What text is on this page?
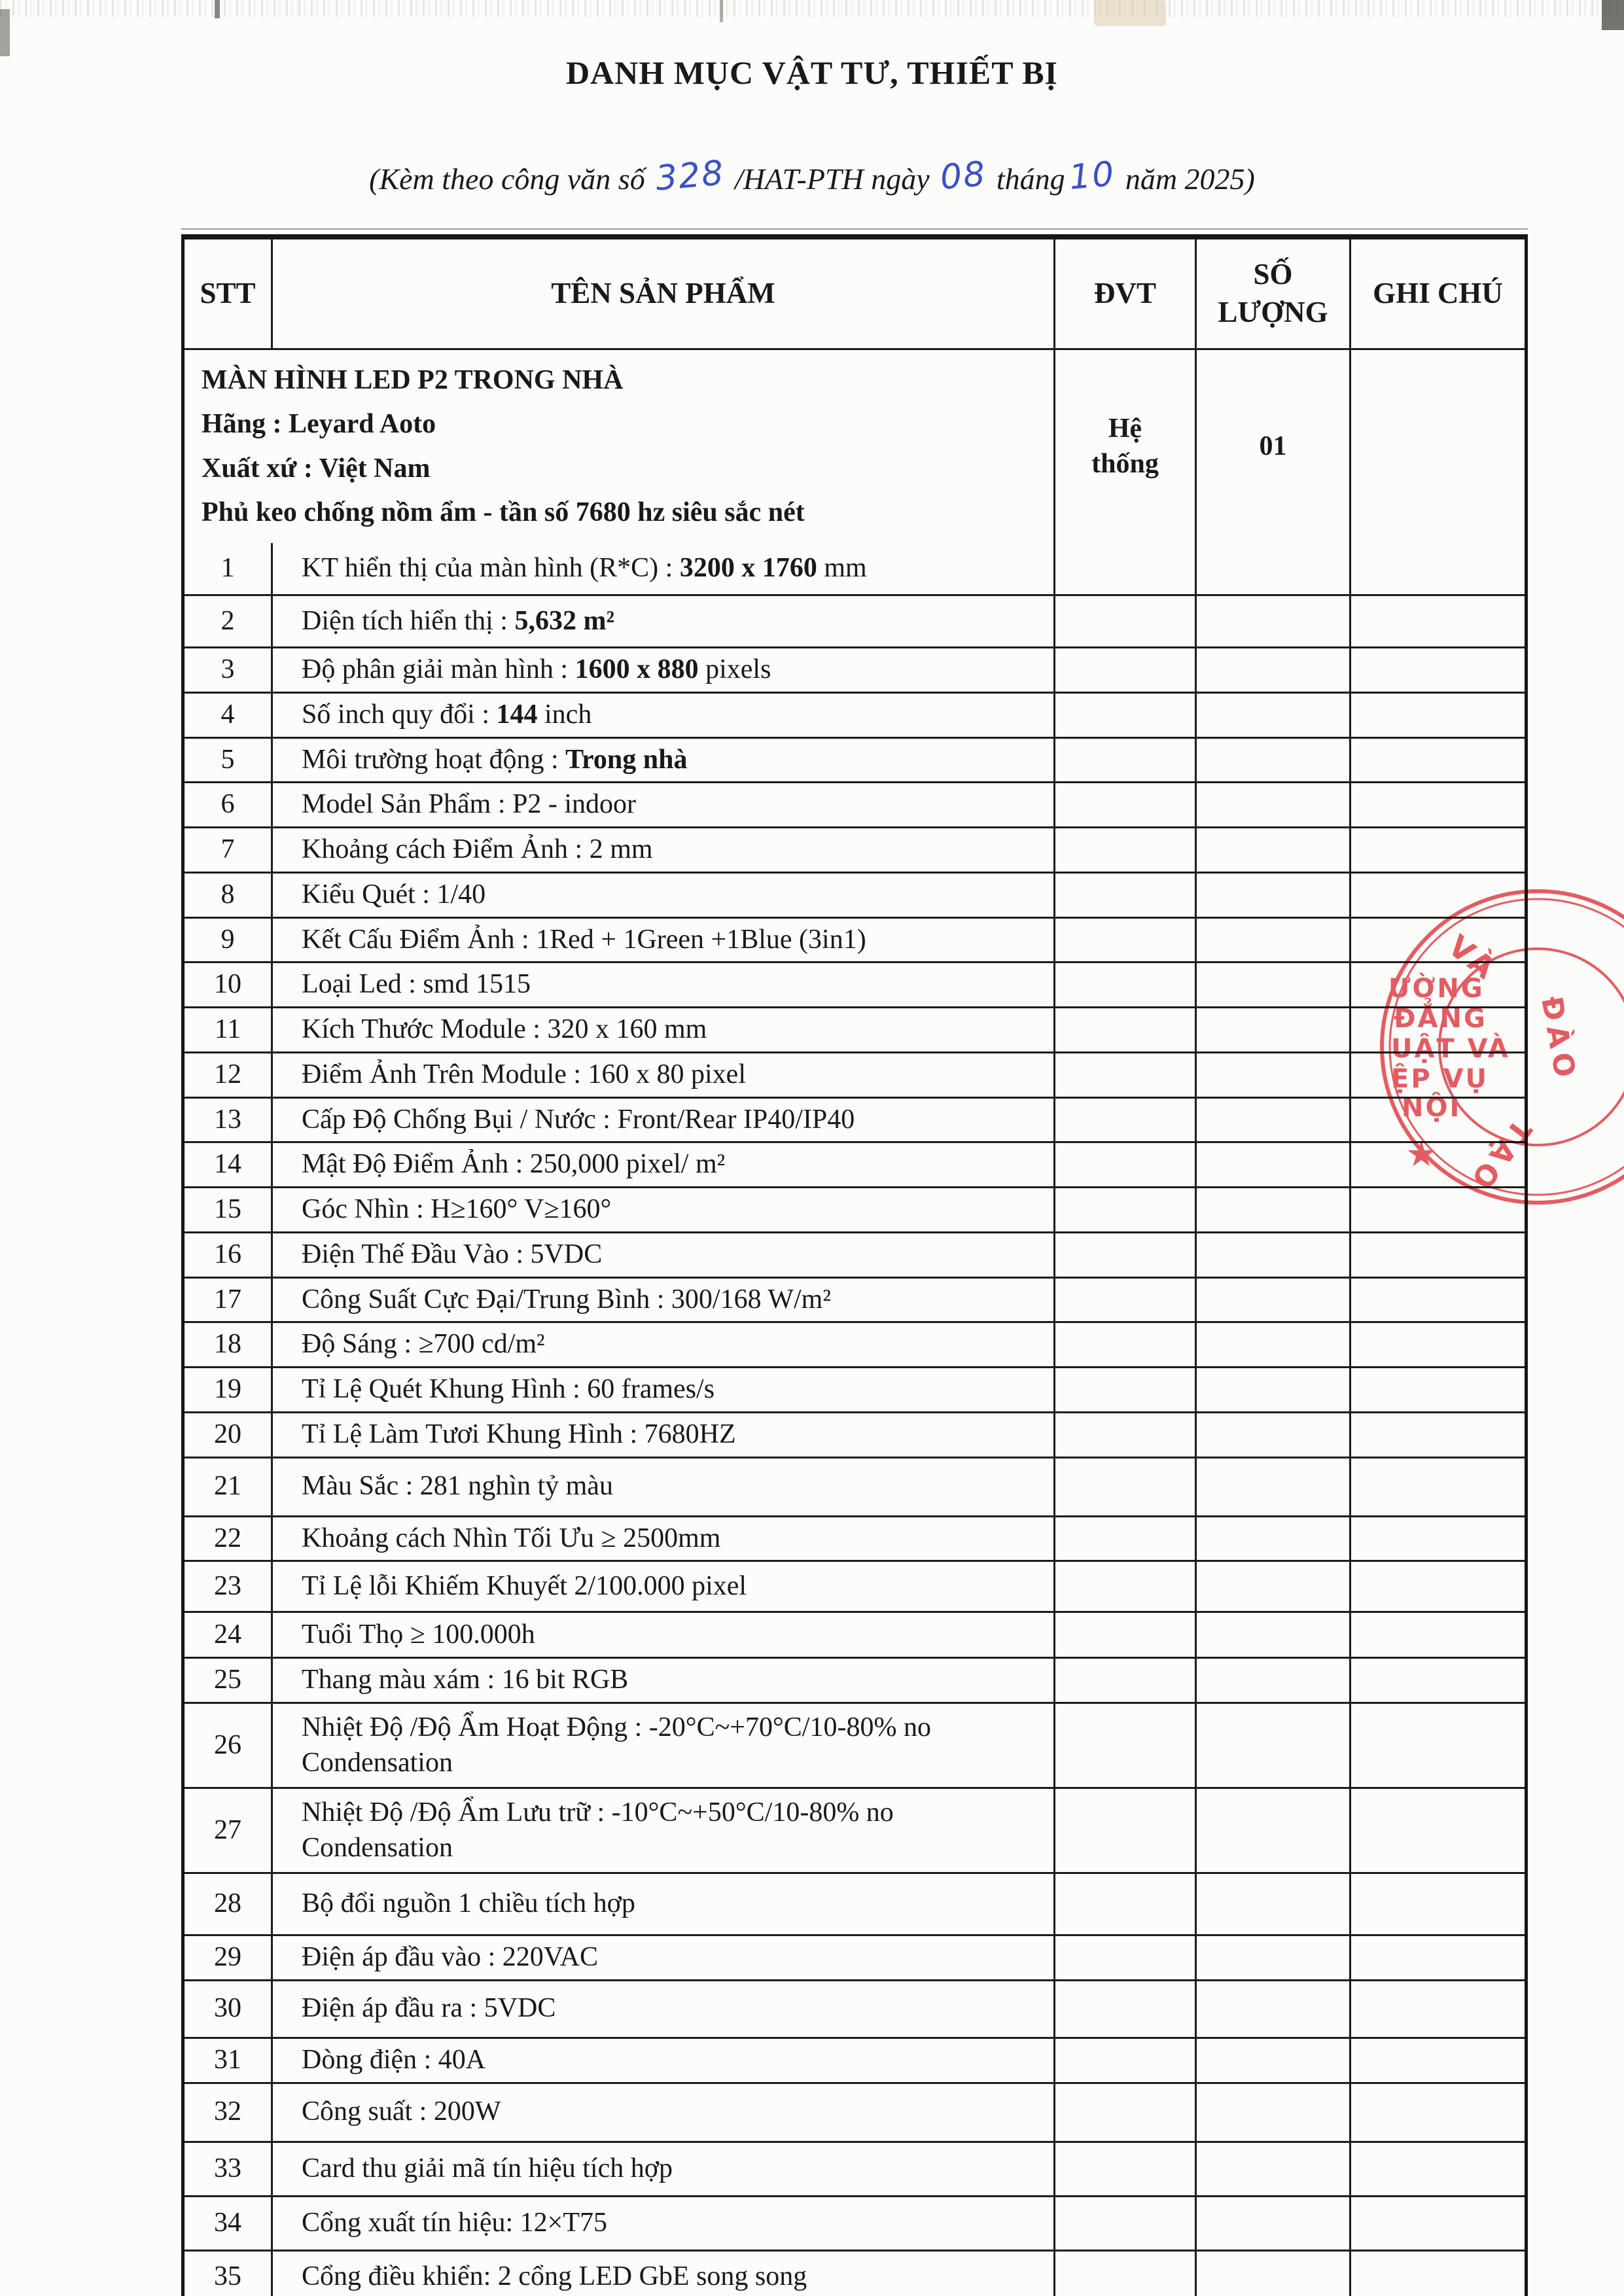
DANH MỤC VẬT TƯ, THIẾT BỊ
(Kèm theo công văn số 328 /HAT-PTH ngày 08 tháng10 năm 2025)
STT	TÊN SẢN PHẨM	ĐVT
SỐ LƯỢNG
GHI CHÚ
MÀN HÌNH LED P2 TRONG NHÀ
Hãng : Leyard Aoto
Xuất xứ : Việt Nam
Phủ keo chống nồm ẩm - tần số 7680 hz siêu sắc nét
Hệ thống
01
1 KT hiển thị của màn hình (R*C) : 3200 x 1760 mm
2 Diện tích hiển thị : 5,632 m²
3 Độ phân giải màn hình : 1600 x 880 pixels
4 Số inch quy đổi : 144 inch
5 Môi trường hoạt động : Trong nhà
6 Model Sản Phẩm : P2 - indoor
7 Khoảng cách Điểm Ảnh : 2 mm
8 Kiểu Quét : 1/40
9 Kết Cấu Điểm Ảnh : 1Red + 1Green +1Blue (3in1)
10 Loại Led : smd 1515
11 Kích Thước Module : 320 x 160 mm
12 Điểm Ảnh Trên Module : 160 x 80 pixel
13 Cấp Độ Chống Bụi / Nước : Front/Rear IP40/IP40
14 Mật Độ Điểm Ảnh : 250,000 pixel/ m²
15 Góc Nhìn : H≥160° V≥160°
16 Điện Thế Đầu Vào : 5VDC
17 Công Suất Cực Đại/Trung Bình : 300/168 W/m²
18 Độ Sáng : ≥700 cd/m²
19 Tỉ Lệ Quét Khung Hình : 60 frames/s
20 Tỉ Lệ Làm Tươi Khung Hình : 7680HZ
21 Màu Sắc : 281 nghìn tỷ màu
22 Khoảng cách Nhìn Tối Ưu ≥ 2500mm
23 Tỉ Lệ lỗi Khiếm Khuyết 2/100.000 pixel
24 Tuổi Thọ ≥ 100.000h
25 Thang màu xám : 16 bit RGB
26
Nhiệt Độ /Độ Ẩm Hoạt Động : -20°C~+70°C/10-80% no Condensation
27
Nhiệt Độ /Độ Ẩm Lưu trữ : -10°C~+50°C/10-80% no Condensation
28 Bộ đổi nguồn 1 chiều tích hợp
29 Điện áp đầu vào : 220VAC
30 Điện áp đầu ra : 5VDC
31 Dòng điện : 40A
32 Công suất : 200W
33 Card thu giải mã tín hiệu tích hợp
34 Cổng xuất tín hiệu: 12×T75
35 Cổng điều khiển: 2 cổng LED GbE song song
VÀ
ĐÀO
TẠO
ƯỜNG
ĐẲNG
UẬT VÀ
ỆP VỤ
NỘI
★
